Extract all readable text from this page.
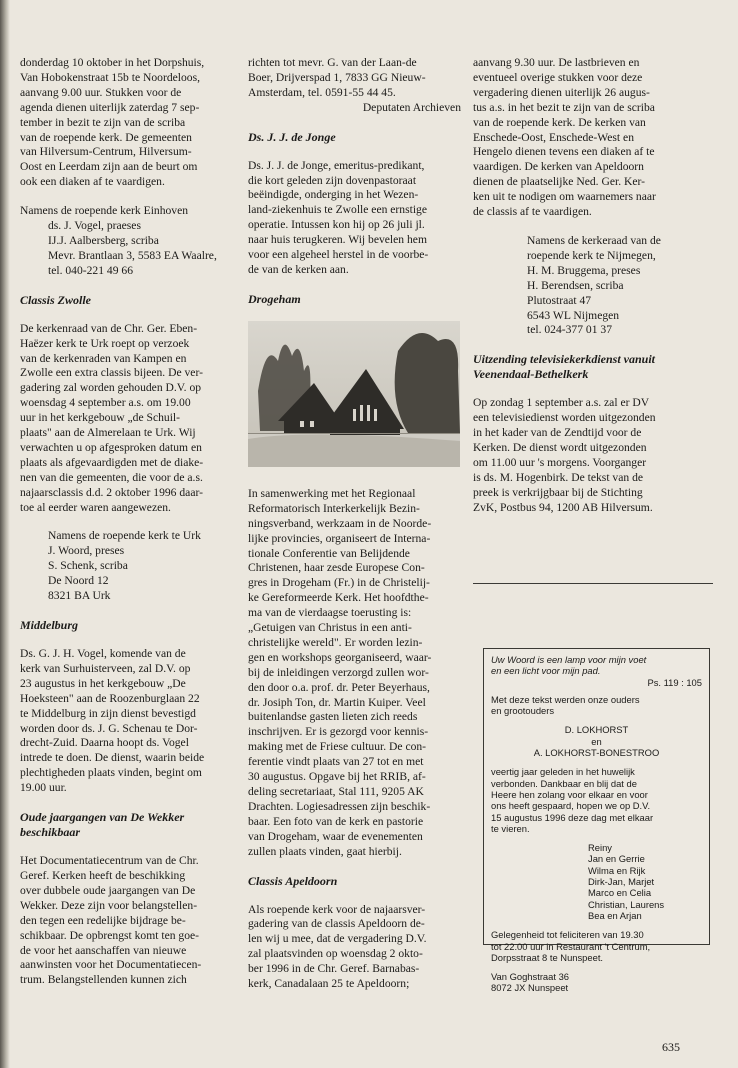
donderdag 10 oktober in het Dorpshuis,
Van Hobokenstraat 15b te Noordeloos,
aanvang 9.00 uur. Stukken voor de
agenda dienen uiterlijk zaterdag 7 sep-
tember in bezit te zijn van de scriba
van de roepende kerk. De gemeenten
van Hilversum-Centrum, Hilversum-
Oost en Leerdam zijn aan de beurt om
ook een diaken af te vaardigen.
Namens de roepende kerk Einhoven
ds. J. Vogel, praeses
IJ.J. Aalbersberg, scriba
Mevr. Brantlaan 3, 5583 EA Waalre,
tel. 040-221 49 66
Classis Zwolle
De kerkenraad van de Chr. Ger. Eben-
Haëzer kerk te Urk roept op verzoek
van de kerkenraden van Kampen en
Zwolle een extra classis bijeen. De ver-
gadering zal worden gehouden D.V. op
woensdag 4 september a.s. om 19.00
uur in het kerkgebouw „de Schuil-
plaats" aan de Almerelaan te Urk. Wij
verwachten u op afgesproken datum en
plaats als afgevaardigden met de diake-
nen van die gemeenten, die voor de a.s.
najaarsclassis d.d. 2 oktober 1996 daar-
toe al eerder waren aangewezen.
Namens de roepende kerk te Urk
J. Woord, preses
S. Schenk, scriba
De Noord 12
8321 BA Urk
Middelburg
Ds. G. J. H. Vogel, komende van de
kerk van Surhuisterveen, zal D.V. op
23 augustus in het kerkgebouw „De
Hoeksteen" aan de Roozenburglaan 22
te Middelburg in zijn dienst bevestigd
worden door ds. J. G. Schenau te Dor-
drecht-Zuid. Daarna hoopt ds. Vogel
intrede te doen. De dienst, waarin beide
plechtigheden plaats vinden, begint om
19.00 uur.
Oude jaargangen van De Wekker
beschikbaar
Het Documentatiecentrum van de Chr.
Geref. Kerken heeft de beschikking
over dubbele oude jaargangen van De
Wekker. Deze zijn voor belangstellen-
den tegen een redelijke bijdrage be-
schikbaar. De opbrengst komt ten goe-
de voor het aanschaffen van nieuwe
aanwinsten voor het Documentatiecen-
trum. Belangstellenden kunnen zich
richten tot mevr. G. van der Laan-de
Boer, Drijverspad 1, 7833 GG Nieuw-
Amsterdam, tel. 0591-55 44 45.
Deputaten Archieven
Ds. J. J. de Jonge
Ds. J. J. de Jonge, emeritus-predikant,
die kort geleden zijn dovenpastoraat
beëindigde, onderging in het Wezen-
land-ziekenhuis te Zwolle een ernstige
operatie. Intussen kon hij op 26 juli jl.
naar huis terugkeren. Wij bevelen hem
voor een algeheel herstel in de voorbe-
de van de kerken aan.
Drogeham
In samenwerking met het Regionaal
Reformatorisch Interkerkelijk Bezin-
ningsverband, werkzaam in de Noorde-
lijke provincies, organiseert de Interna-
tionale Conferentie van Belijdende
Christenen, haar zesde Europese Con-
gres in Drogeham (Fr.) in de Christelij-
ke Gereformeerde Kerk. Het hoofdthe-
ma van de vierdaagse toerusting is:
„Getuigen van Christus in een anti-
christelijke wereld". Er worden lezin-
gen en workshops georganiseerd, waar-
bij de inleidingen verzorgd zullen wor-
den door o.a. prof. dr. Peter Beyerhaus,
dr. Josiph Ton, dr. Martin Kuiper. Veel
buitenlandse gasten lieten zich reeds
inschrijven. Er is gezorgd voor kennis-
making met de Friese cultuur. De con-
ferentie vindt plaats van 27 tot en met
30 augustus. Opgave bij het RRIB, af-
deling secretariaat, Stal 111, 9205 AK
Drachten. Logiesadressen zijn beschik-
baar. Een foto van de kerk en pastorie
van Drogeham, waar de evenementen
zullen plaats vinden, gaat hierbij.
Classis Apeldoorn
Als roepende kerk voor de najaarsver-
gadering van de classis Apeldoorn de-
len wij u mee, dat de vergadering D.V.
zal plaatsvinden op woensdag 2 okto-
ber 1996 in de Chr. Geref. Barnabas-
kerk, Canadalaan 25 te Apeldoorn;
aanvang 9.30 uur. De lastbrieven en
eventueel overige stukken voor deze
vergadering dienen uiterlijk 26 augus-
tus a.s. in het bezit te zijn van de scriba
van de roepende kerk. De kerken van
Enschede-Oost, Enschede-West en
Hengelo dienen tevens een diaken af te
vaardigen. De kerken van Apeldoorn
dienen de plaatselijke Ned. Ger. Ker-
ken uit te nodigen om waarnemers naar
de classis af te vaardigen.
Namens de kerkeraad van de
roepende kerk te Nijmegen,
H. M. Bruggema, preses
H. Berendsen, scriba
Plutostraat 47
6543 WL Nijmegen
tel. 024-377 01 37
Uitzending televisiekerkdienst vanuit
Veenendaal-Bethelkerk
Op zondag 1 september a.s. zal er DV
een televisiedienst worden uitgezonden
in het kader van de Zendtijd voor de
Kerken. De dienst wordt uitgezonden
om 11.00 uur 's morgens. Voorganger
is ds. M. Hogenbirk. De tekst van de
preek is verkrijgbaar bij de Stichting
ZvK, Postbus 94, 1200 AB Hilversum.
Uw Woord is een lamp voor mijn voet
en een licht voor mijn pad.
Ps. 119 : 105
Met deze tekst werden onze ouders
en grootouders
D. LOKHORST
en
A. LOKHORST-BONESTROO
veertig jaar geleden in het huwelijk
verbonden. Dankbaar en blij dat de
Heere hen zolang voor elkaar en voor
ons heeft gespaard, hopen we op D.V.
15 augustus 1996 deze dag met elkaar
te vieren.
Reiny
Jan en Gerrie
Wilma en Rijk
Dirk-Jan, Marjet
Marco en Celia
Christian, Laurens
Bea en Arjan
Gelegenheid tot feliciteren van 19.30
tot 22.00 uur in Restaurant 't Centrum,
Dorpsstraat 8 te Nunspeet.
Van Goghstraat 36
8072 JX Nunspeet
635
